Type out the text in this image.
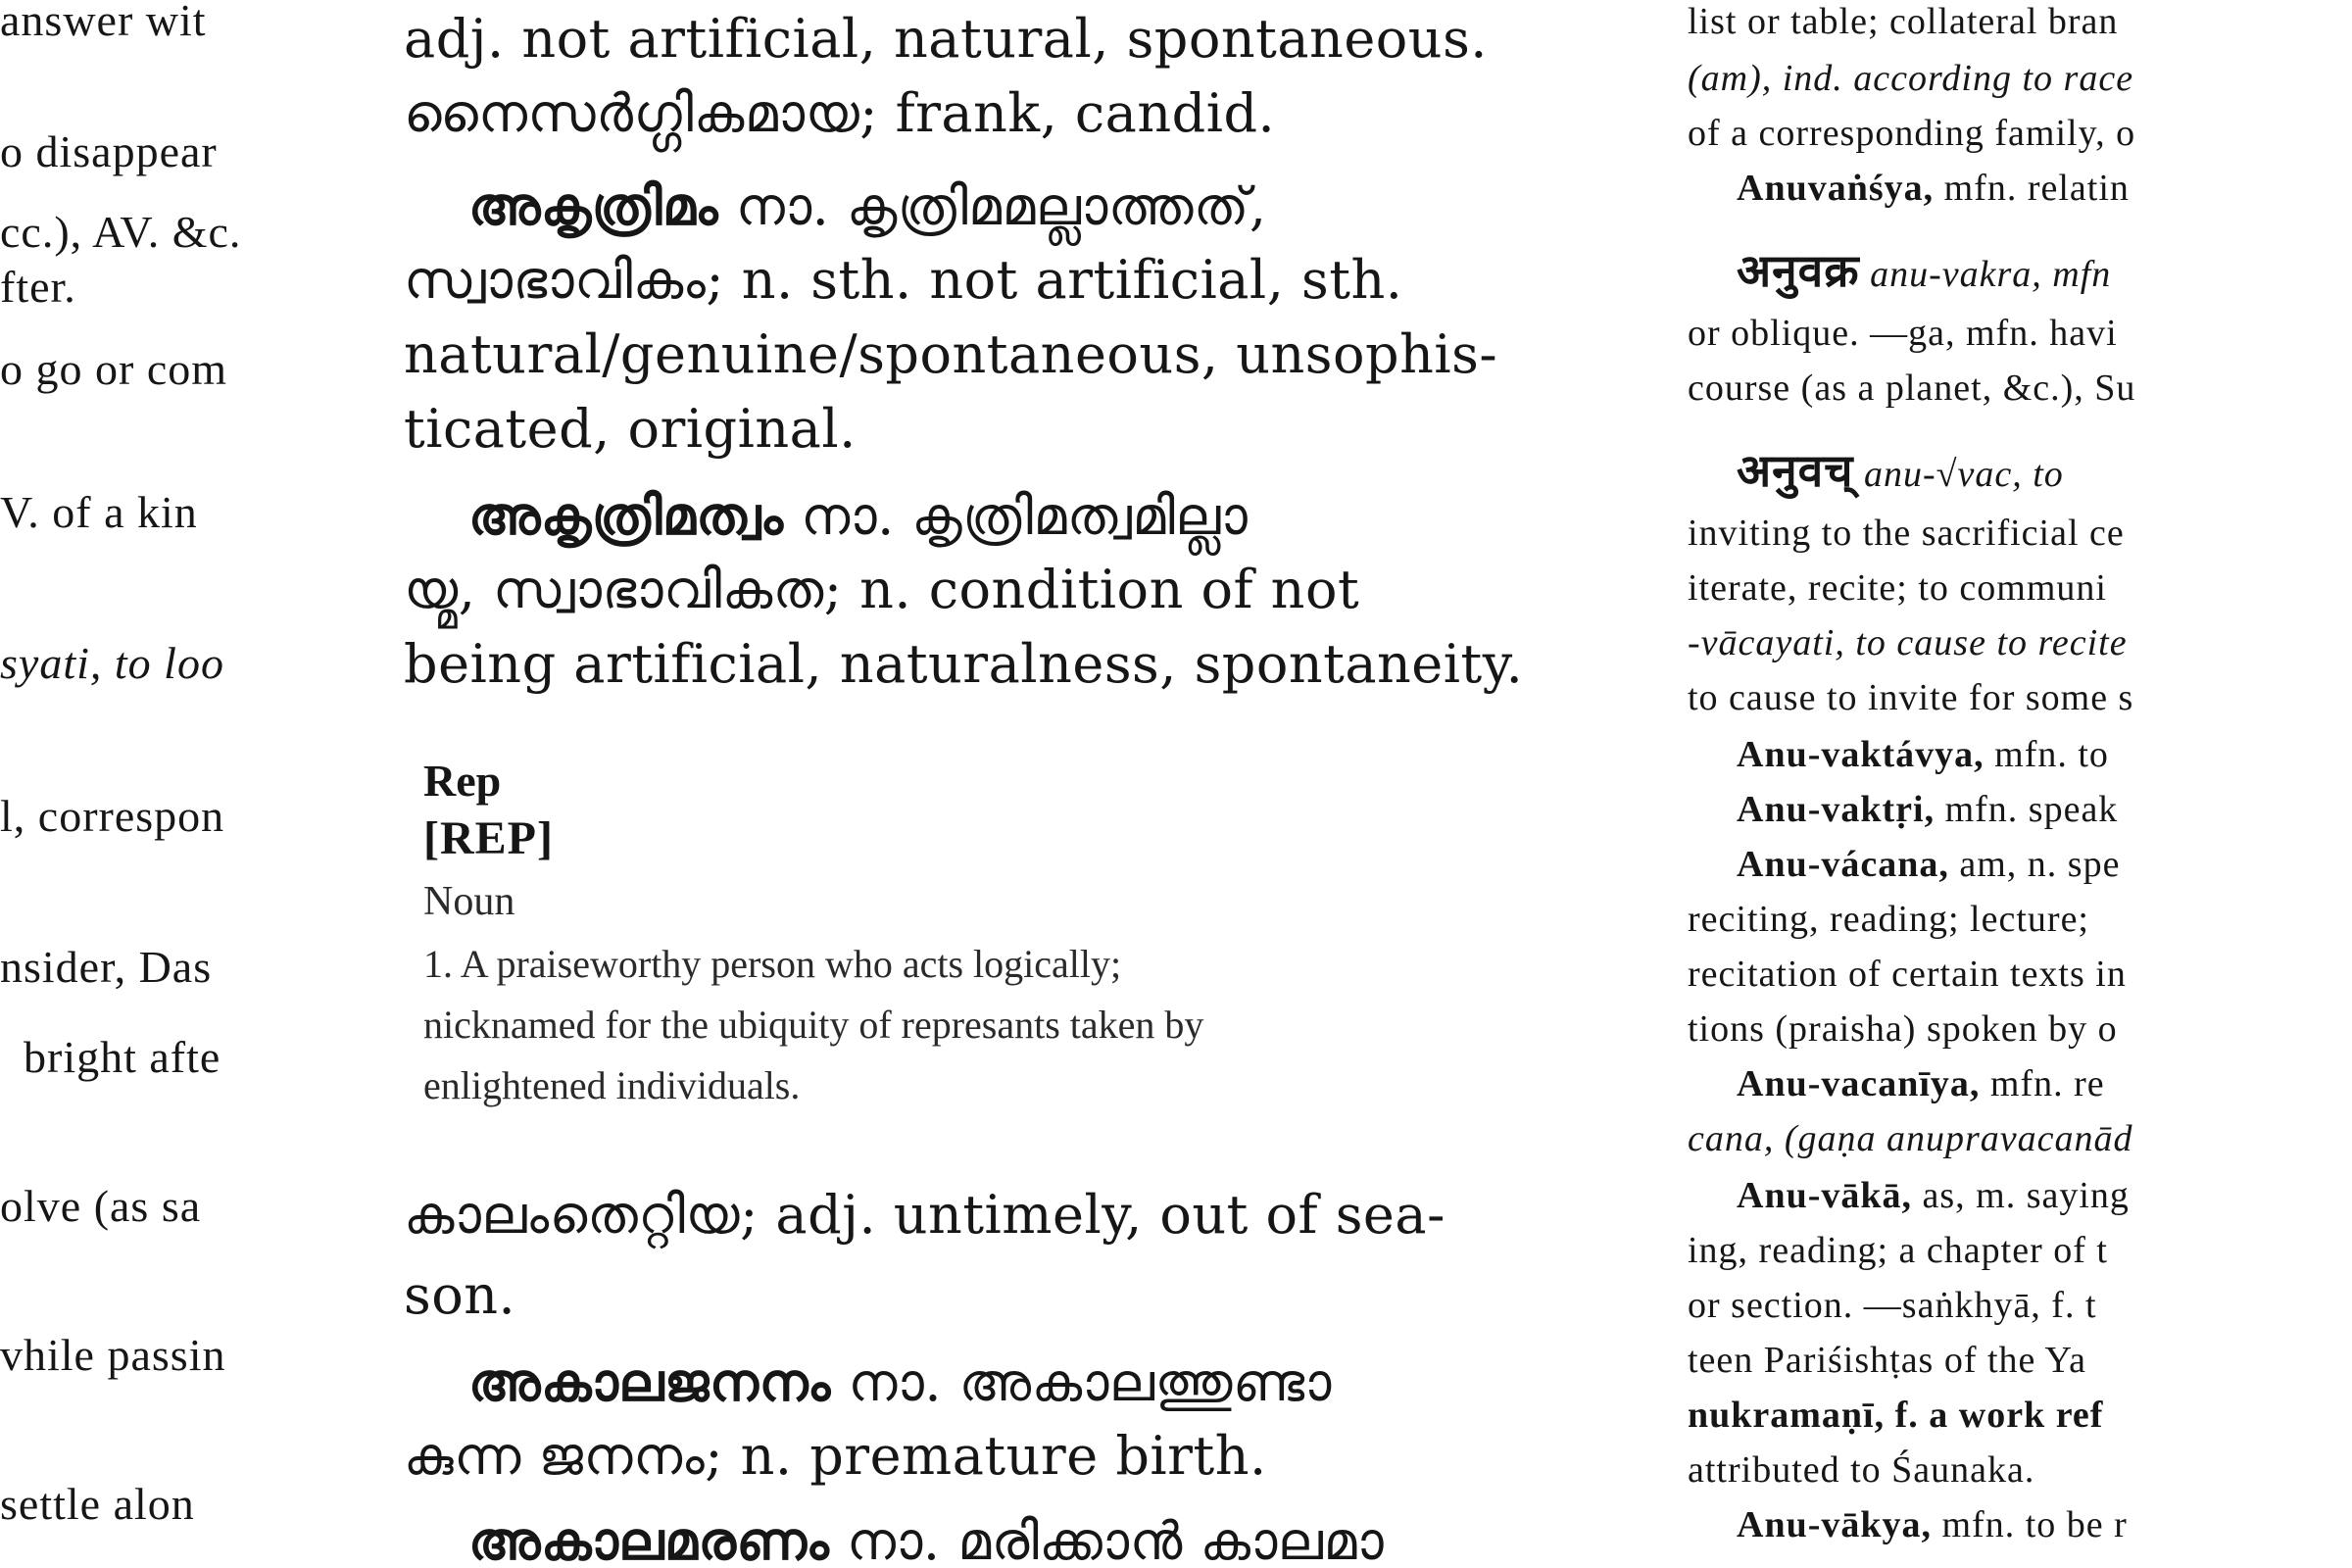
answer wit
o disappear
cc.), AV. &c.
fter.
o go or com
V. of a kin
syati, to loo
l, correspon
nsider, Das
bright afte
olve (as sa
vhile passin
settle alon
adj. not artificial, natural, spontaneous.
നൈസർഗ്ഗികമായ; frank, candid.
അകൃത്രിമം നാ. കൃത്രിമമല്ലാത്തത്,
സ്വാഭാവികം; n. sth. not artificial, sth.
natural/genuine/spontaneous, unsophis-
ticated, original.
അകൃത്രിമത്വം നാ. കൃത്രിമത്വമില്ലാ
യ്മ, സ്വാഭാവികത; n. condition of not
being artificial, naturalness, spontaneity.
Rep
[REP]
Noun
1. A praiseworthy person who acts logically;
nicknamed for the ubiquity of represants taken by
enlightened individuals.
കാലംതെറ്റിയ; adj. untimely, out of sea-
son.
അകാലജനനം നാ. അകാലത്തുണ്ടാ
കുന്ന ജനനം; n. premature birth.
അകാലമരണം നാ. മരിക്കാൻ കാലമാ
list or table; collateral bran
(am), ind. according to race
of a corresponding family, o
Anuvaṅśya, mfn. relatin
अनुवक्र anu-vakra, mfn
or oblique. —ga, mfn. havi
course (as a planet, &c.), Su
अनुवच् anu-√vac, to
inviting to the sacrificial ce
iterate, recite; to communi
-vācayati, to cause to recite
to cause to invite for some s
Anu-vaktávya, mfn. to
Anu-vaktṛi, mfn. speak
Anu-vácana, am, n. spe
reciting, reading; lecture;
recitation of certain texts in
tions (praisha) spoken by o
Anu-vacanīya, mfn. re
cana, (gaṇa anupravacanād
Anu-vākā, as, m. saying
ing, reading; a chapter of t
or section. —saṅkhyā, f. t
teen Pariśishṭas of the Ya
nukramaṇī, f. a work ref
attributed to Śaunaka.
Anu-vākya, mfn. to be r
